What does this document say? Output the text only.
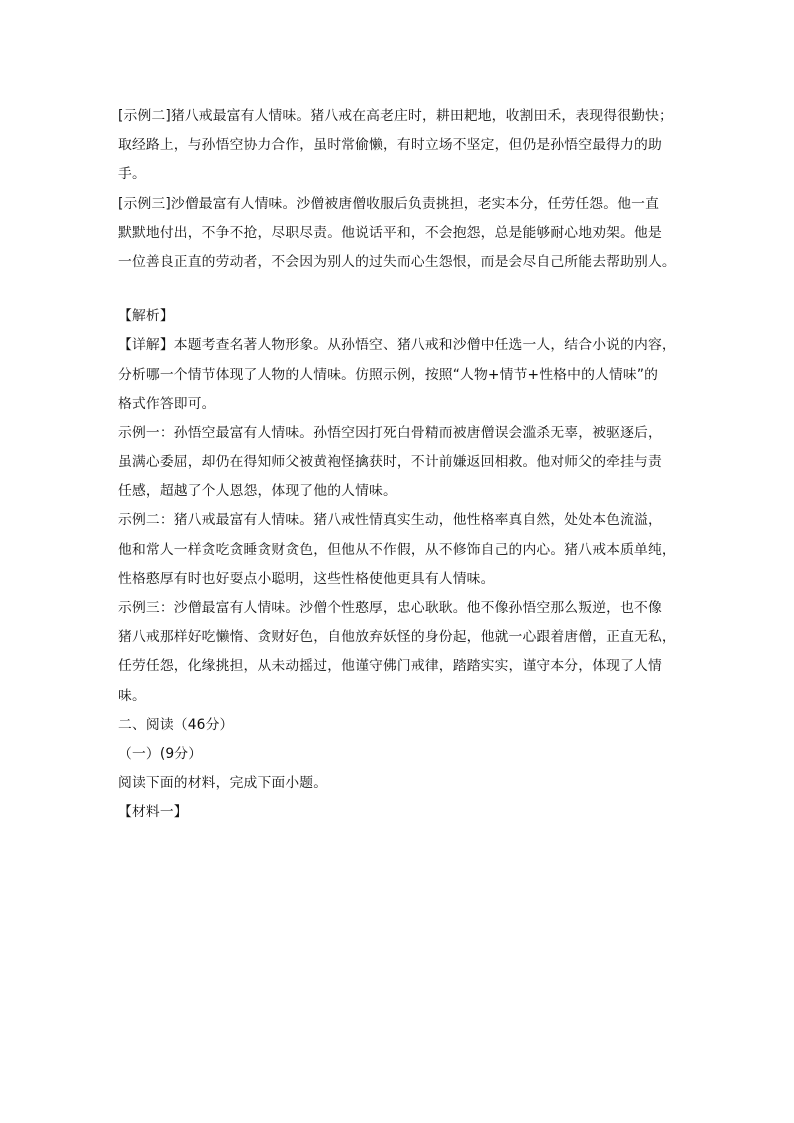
[示例二]猪八戒最富有人情味。猪八戒在高老庄时，耕田耙地，收割田禾，表现得很勤快；
取经路上，与孙悟空协力合作，虽时常偷懒，有时立场不坚定，但仍是孙悟空最得力的助
手。
[示例三]沙僧最富有人情味。沙僧被唐僧收服后负责挑担，老实本分，任劳任怨。他一直
默默地付出，不争不抢，尽职尽责。他说话平和，不会抱怨，总是能够耐心地劝架。他是
一位善良正直的劳动者，不会因为别人的过失而心生怨恨，而是会尽自己所能去帮助别人。
【解析】
【详解】本题考查名著人物形象。从孙悟空、猪八戒和沙僧中任选一人，结合小说的内容，
分析哪一个情节体现了人物的人情味。仿照示例，按照“人物+情节+性格中的人情味”的
格式作答即可。
示例一：孙悟空最富有人情味。孙悟空因打死白骨精而被唐僧误会滥杀无辜，被驱逐后，
虽满心委屈，却仍在得知师父被黄袍怪擒获时，不计前嫌返回相救。他对师父的牵挂与责
任感，超越了个人恩怨，体现了他的人情味。
示例二：猪八戒最富有人情味。猪八戒性情真实生动，他性格率真自然，处处本色流溢，
他和常人一样贪吃贪睡贪财贪色，但他从不作假，从不修饰自己的内心。猪八戒本质单纯，
性格憨厚有时也好耍点小聪明，这些性格使他更具有人情味。
示例三：沙僧最富有人情味。沙僧个性憨厚，忠心耿耿。他不像孙悟空那么叛逆，也不像
猪八戒那样好吃懒惰、贪财好色，自他放弃妖怪的身份起，他就一心跟着唐僧，正直无私，
任劳任怨，化缘挑担，从未动摇过，他谨守佛门戒律，踏踏实实，谨守本分，体现了人情
味。
二、阅读（46分）
（一）(9分）
阅读下面的材料，完成下面小题。
【材料一】
